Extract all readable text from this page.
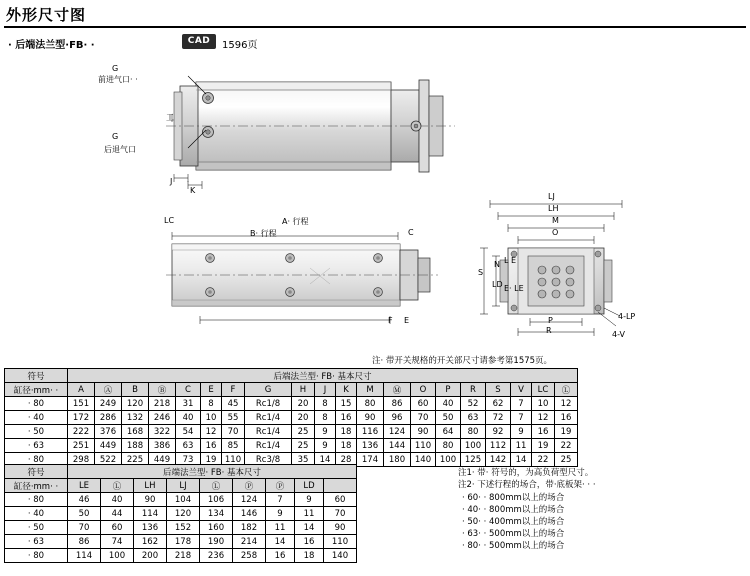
外形尺寸图
· 后端法兰型·FB· ·	CAD	1596页
G
前进气口· ·
G
后退气口
J
K
工
LC	A· 行程
B· 行程	C
F E
LJ
LH
M
O
N
S
LD
L E
E· LE
P
R
4-LP
4-V
注· 带开关规格的开关部尺寸请参考第1575页。
符号	后端法兰型· FB· 基本尺寸																			
缸径·mm· ·	A	Ⓐ	B	Ⓑ	C	E	F	G	H	J	K	M	Ⓜ	O	P	R	S	V	LC	Ⓛ
· 80	151	249	120	218	31	8	45	Rc1/8	20	8	15	80	86	60	40	52	62	7	10	12
· 40	172	286	132	246	40	10	55	Rc1/4	20	8	16	90	96	70	50	63	72	7	12	16
· 50	222	376	168	322	54	12	70	Rc1/4	25	9	18	116	124	90	64	80	92	9	16	19
· 63	251	449	188	386	63	16	85	Rc1/4	25	9	18	136	144	110	80	100	112	11	19	22
· 80	298	522	225	449	73	19	110	Rc3/8	35	14	28	174	180	140	100	125	142	14	22	25
符号	后端法兰型· FB· 基本尺寸								
缸径·mm· ·	LE	Ⓛ	LH	LJ	Ⓛ	Ⓟ	Ⓟ	LD	
· 80	46	40	90	104	106	124	7	9	60
· 40	50	44	114	120	134	146	9	11	70
· 50	70	60	136	152	160	182	11	14	90
· 63	86	74	162	178	190	214	14	16	110
· 80	114	100	200	218	236	258	16	18	140
注1· 带· 符号的，为高负荷型尺寸。
注2· 下述行程的场合，带·底板架· · ·
· 60· · 800mm以上的场合
· 40· · 800mm以上的场合
· 50· · 400mm以上的场合
· 63· · 500mm以上的场合
· 80· · 500mm以上的场合
